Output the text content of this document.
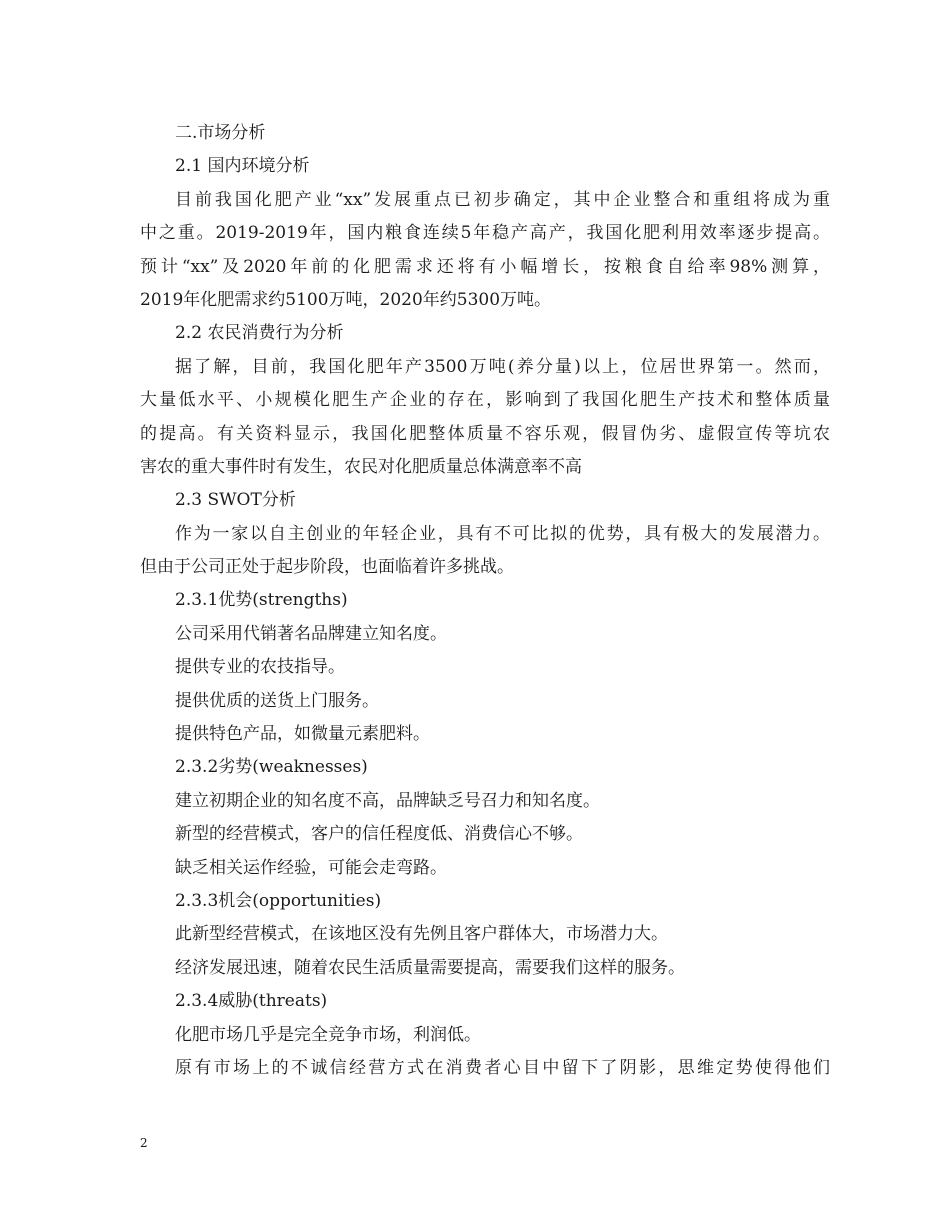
二.市场分析
2.1 国内环境分析
目前我国化肥产业“xx”发展重点已初步确定，其中企业整合和重组将成为重
中之重。2019-2019年，国内粮食连续5年稳产高产，我国化肥利用效率逐步提高。
预计“xx”及2020年前的化肥需求还将有小幅增长，按粮食自给率98%测算，
2019年化肥需求约5100万吨，2020年约5300万吨。
2.2 农民消费行为分析
据了解，目前，我国化肥年产3500万吨(养分量)以上，位居世界第一。然而，
大量低水平、小规模化肥生产企业的存在，影响到了我国化肥生产技术和整体质量
的提高。有关资料显示，我国化肥整体质量不容乐观，假冒伪劣、虚假宣传等坑农
害农的重大事件时有发生，农民对化肥质量总体满意率不高
2.3 SWOT分析
作为一家以自主创业的年轻企业，具有不可比拟的优势，具有极大的发展潜力。
但由于公司正处于起步阶段，也面临着许多挑战。
2.3.1优势(strengths)
公司采用代销著名品牌建立知名度。
提供专业的农技指导。
提供优质的送货上门服务。
提供特色产品，如微量元素肥料。
2.3.2劣势(weaknesses)
建立初期企业的知名度不高，品牌缺乏号召力和知名度。
新型的经营模式，客户的信任程度低、消费信心不够。
缺乏相关运作经验，可能会走弯路。
2.3.3机会(opportunities)
此新型经营模式，在该地区没有先例且客户群体大，市场潜力大。
经济发展迅速，随着农民生活质量需要提高，需要我们这样的服务。
2.3.4威胁(threats)
化肥市场几乎是完全竞争市场，利润低。
原有市场上的不诚信经营方式在消费者心目中留下了阴影，思维定势使得他们
2
